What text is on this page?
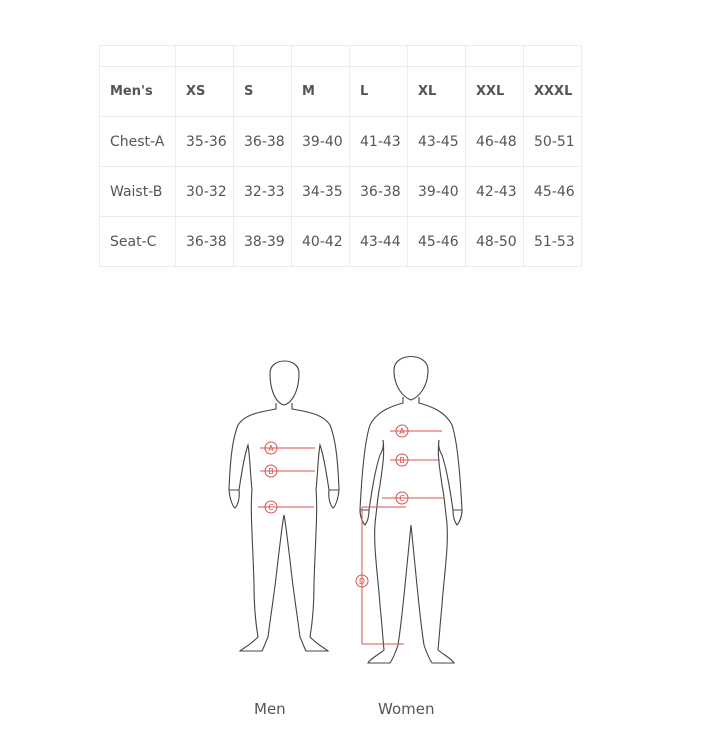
Men's	XS	S	M	L	XL	XXL	XXXL
Chest-A	35-36	36-38	39-40	41-43	43-45	46-48	50-51
Waist-B	30-32	32-33	34-35	36-38	39-40	42-43	45-46
Seat-C	36-38	38-39	40-42	43-44	45-46	48-50	51-53
A
B
C
A
B
C
D
Men	Women
